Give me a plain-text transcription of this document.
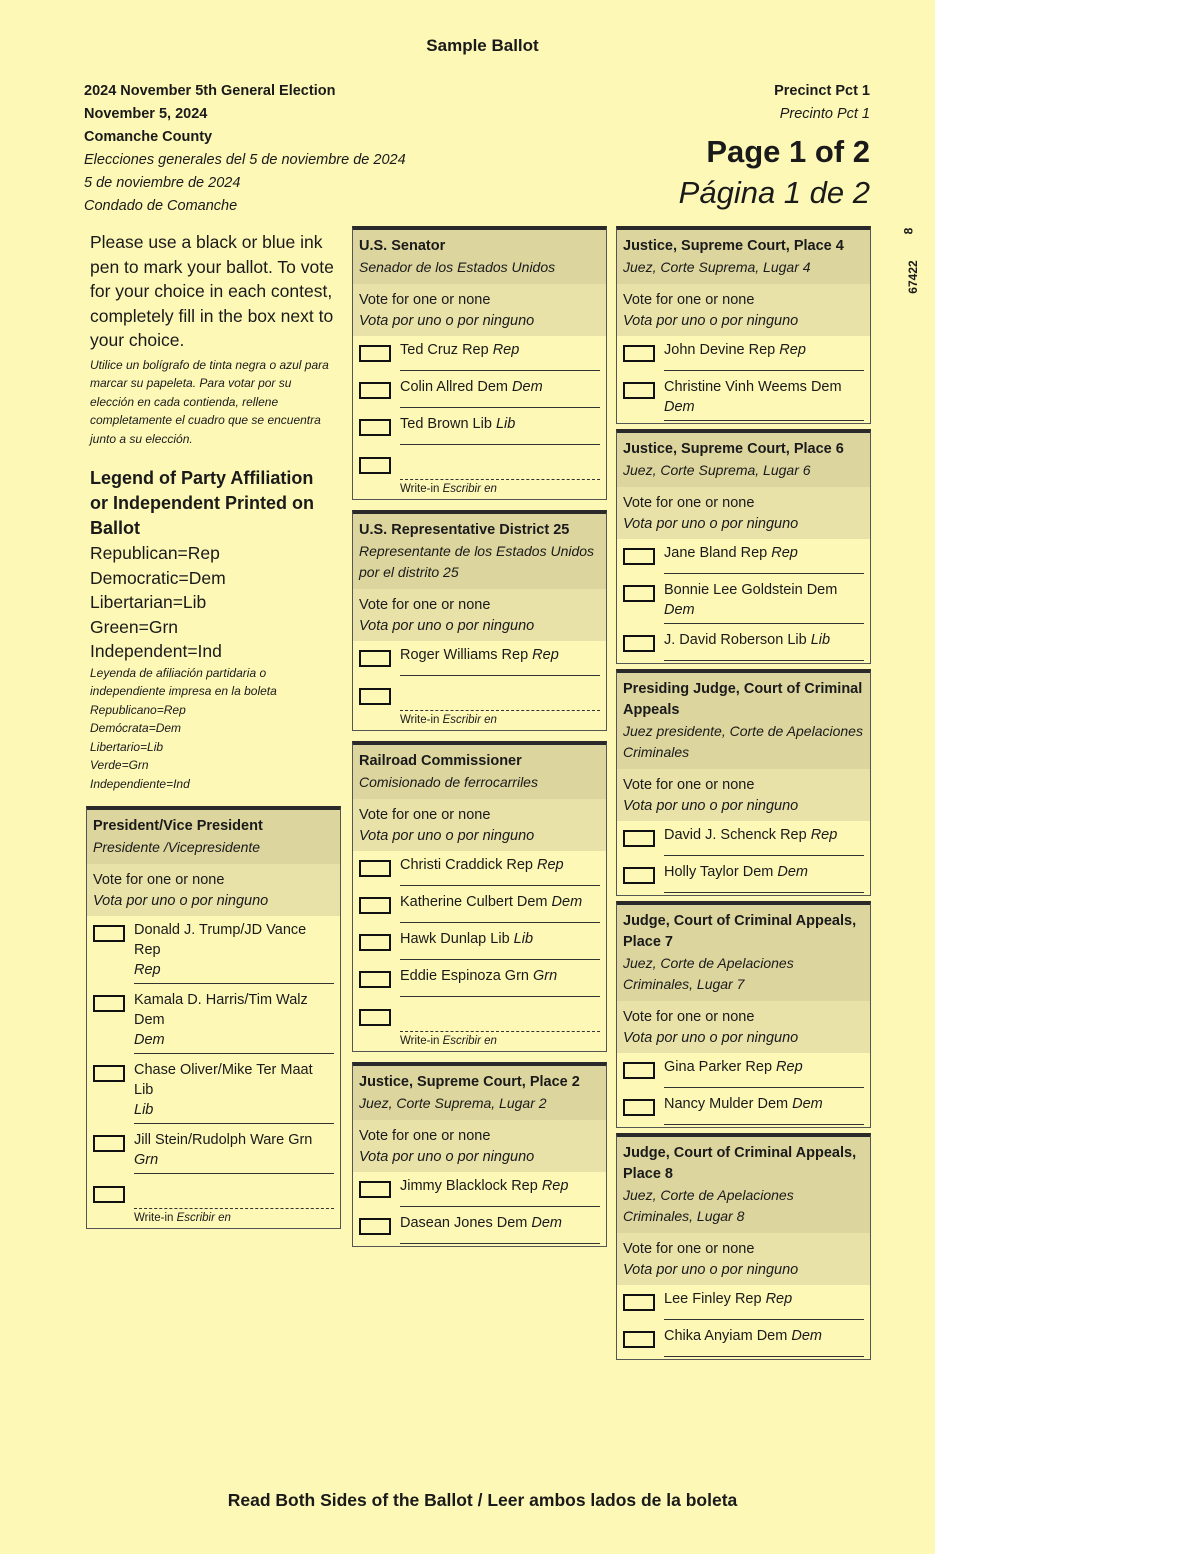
Sample Ballot
2024 November 5th General Election
November 5, 2024
Comanche County
Elecciones generales del 5 de noviembre de 2024
5 de noviembre de 2024
Condado de Comanche
Precinct Pct 1
Precinto Pct 1
Page 1 of 2
Página 1 de 2
8
67422
Please use a black or blue ink pen to mark your ballot. To vote for your choice in each contest, completely fill in the box next to your choice.
Utilice un bolígrafo de tinta negra o azul para marcar su papeleta. Para votar por su elección en cada contienda, rellene completamente el cuadro que se encuentra junto a su elección.
Legend of Party Affiliation or Independent Printed on Ballot
Republican=Rep
Democratic=Dem
Libertarian=Lib
Green=Grn
Independent=Ind
Leyenda de afiliación partidaria o independiente impresa en la boleta
Republicano=Rep
Demócrata=Dem
Libertario=Lib
Verde=Grn
Independiente=Ind
President/Vice President
Presidente /Vicepresidente
Vote for one or none
Vota por uno o por ninguno
Donald J. Trump/JD Vance
Rep
Rep
Kamala D. Harris/Tim Walz
Dem
Dem
Chase Oliver/Mike Ter Maat
Lib
Lib
Jill Stein/Rudolph Ware Grn
Grn
Write-in Escribir en
U.S. Senator
Senador de los Estados Unidos
Vote for one or none
Vota por uno o por ninguno
Ted Cruz Rep Rep
Colin Allred Dem Dem
Ted Brown Lib Lib
Write-in Escribir en
U.S. Representative District 25
Representante de los Estados Unidos por el distrito 25
Vote for one or none
Vota por uno o por ninguno
Roger Williams Rep Rep
Write-in Escribir en
Railroad Commissioner
Comisionado de ferrocarriles
Vote for one or none
Vota por uno o por ninguno
Christi Craddick Rep Rep
Katherine Culbert Dem Dem
Hawk Dunlap Lib Lib
Eddie Espinoza Grn Grn
Write-in Escribir en
Justice, Supreme Court, Place 2
Juez, Corte Suprema, Lugar 2
Vote for one or none
Vota por uno o por ninguno
Jimmy Blacklock Rep Rep
Dasean Jones Dem Dem
Justice, Supreme Court, Place 4
Juez, Corte Suprema, Lugar 4
Vote for one or none
Vota por uno o por ninguno
John Devine Rep Rep
Christine Vinh Weems Dem
Dem
Justice, Supreme Court, Place 6
Juez, Corte Suprema, Lugar 6
Vote for one or none
Vota por uno o por ninguno
Jane Bland Rep Rep
Bonnie Lee Goldstein Dem
Dem
J. David Roberson Lib Lib
Presiding Judge, Court of Criminal Appeals
Juez presidente, Corte de Apelaciones Criminales
Vote for one or none
Vota por uno o por ninguno
David J. Schenck Rep Rep
Holly Taylor Dem Dem
Judge, Court of Criminal Appeals, Place 7
Juez, Corte de Apelaciones Criminales, Lugar 7
Vote for one or none
Vota por uno o por ninguno
Gina Parker Rep Rep
Nancy Mulder Dem Dem
Judge, Court of Criminal Appeals, Place 8
Juez, Corte de Apelaciones Criminales, Lugar 8
Vote for one or none
Vota por uno o por ninguno
Lee Finley Rep Rep
Chika Anyiam Dem Dem
Read Both Sides of the Ballot / Leer ambos lados de la boleta
